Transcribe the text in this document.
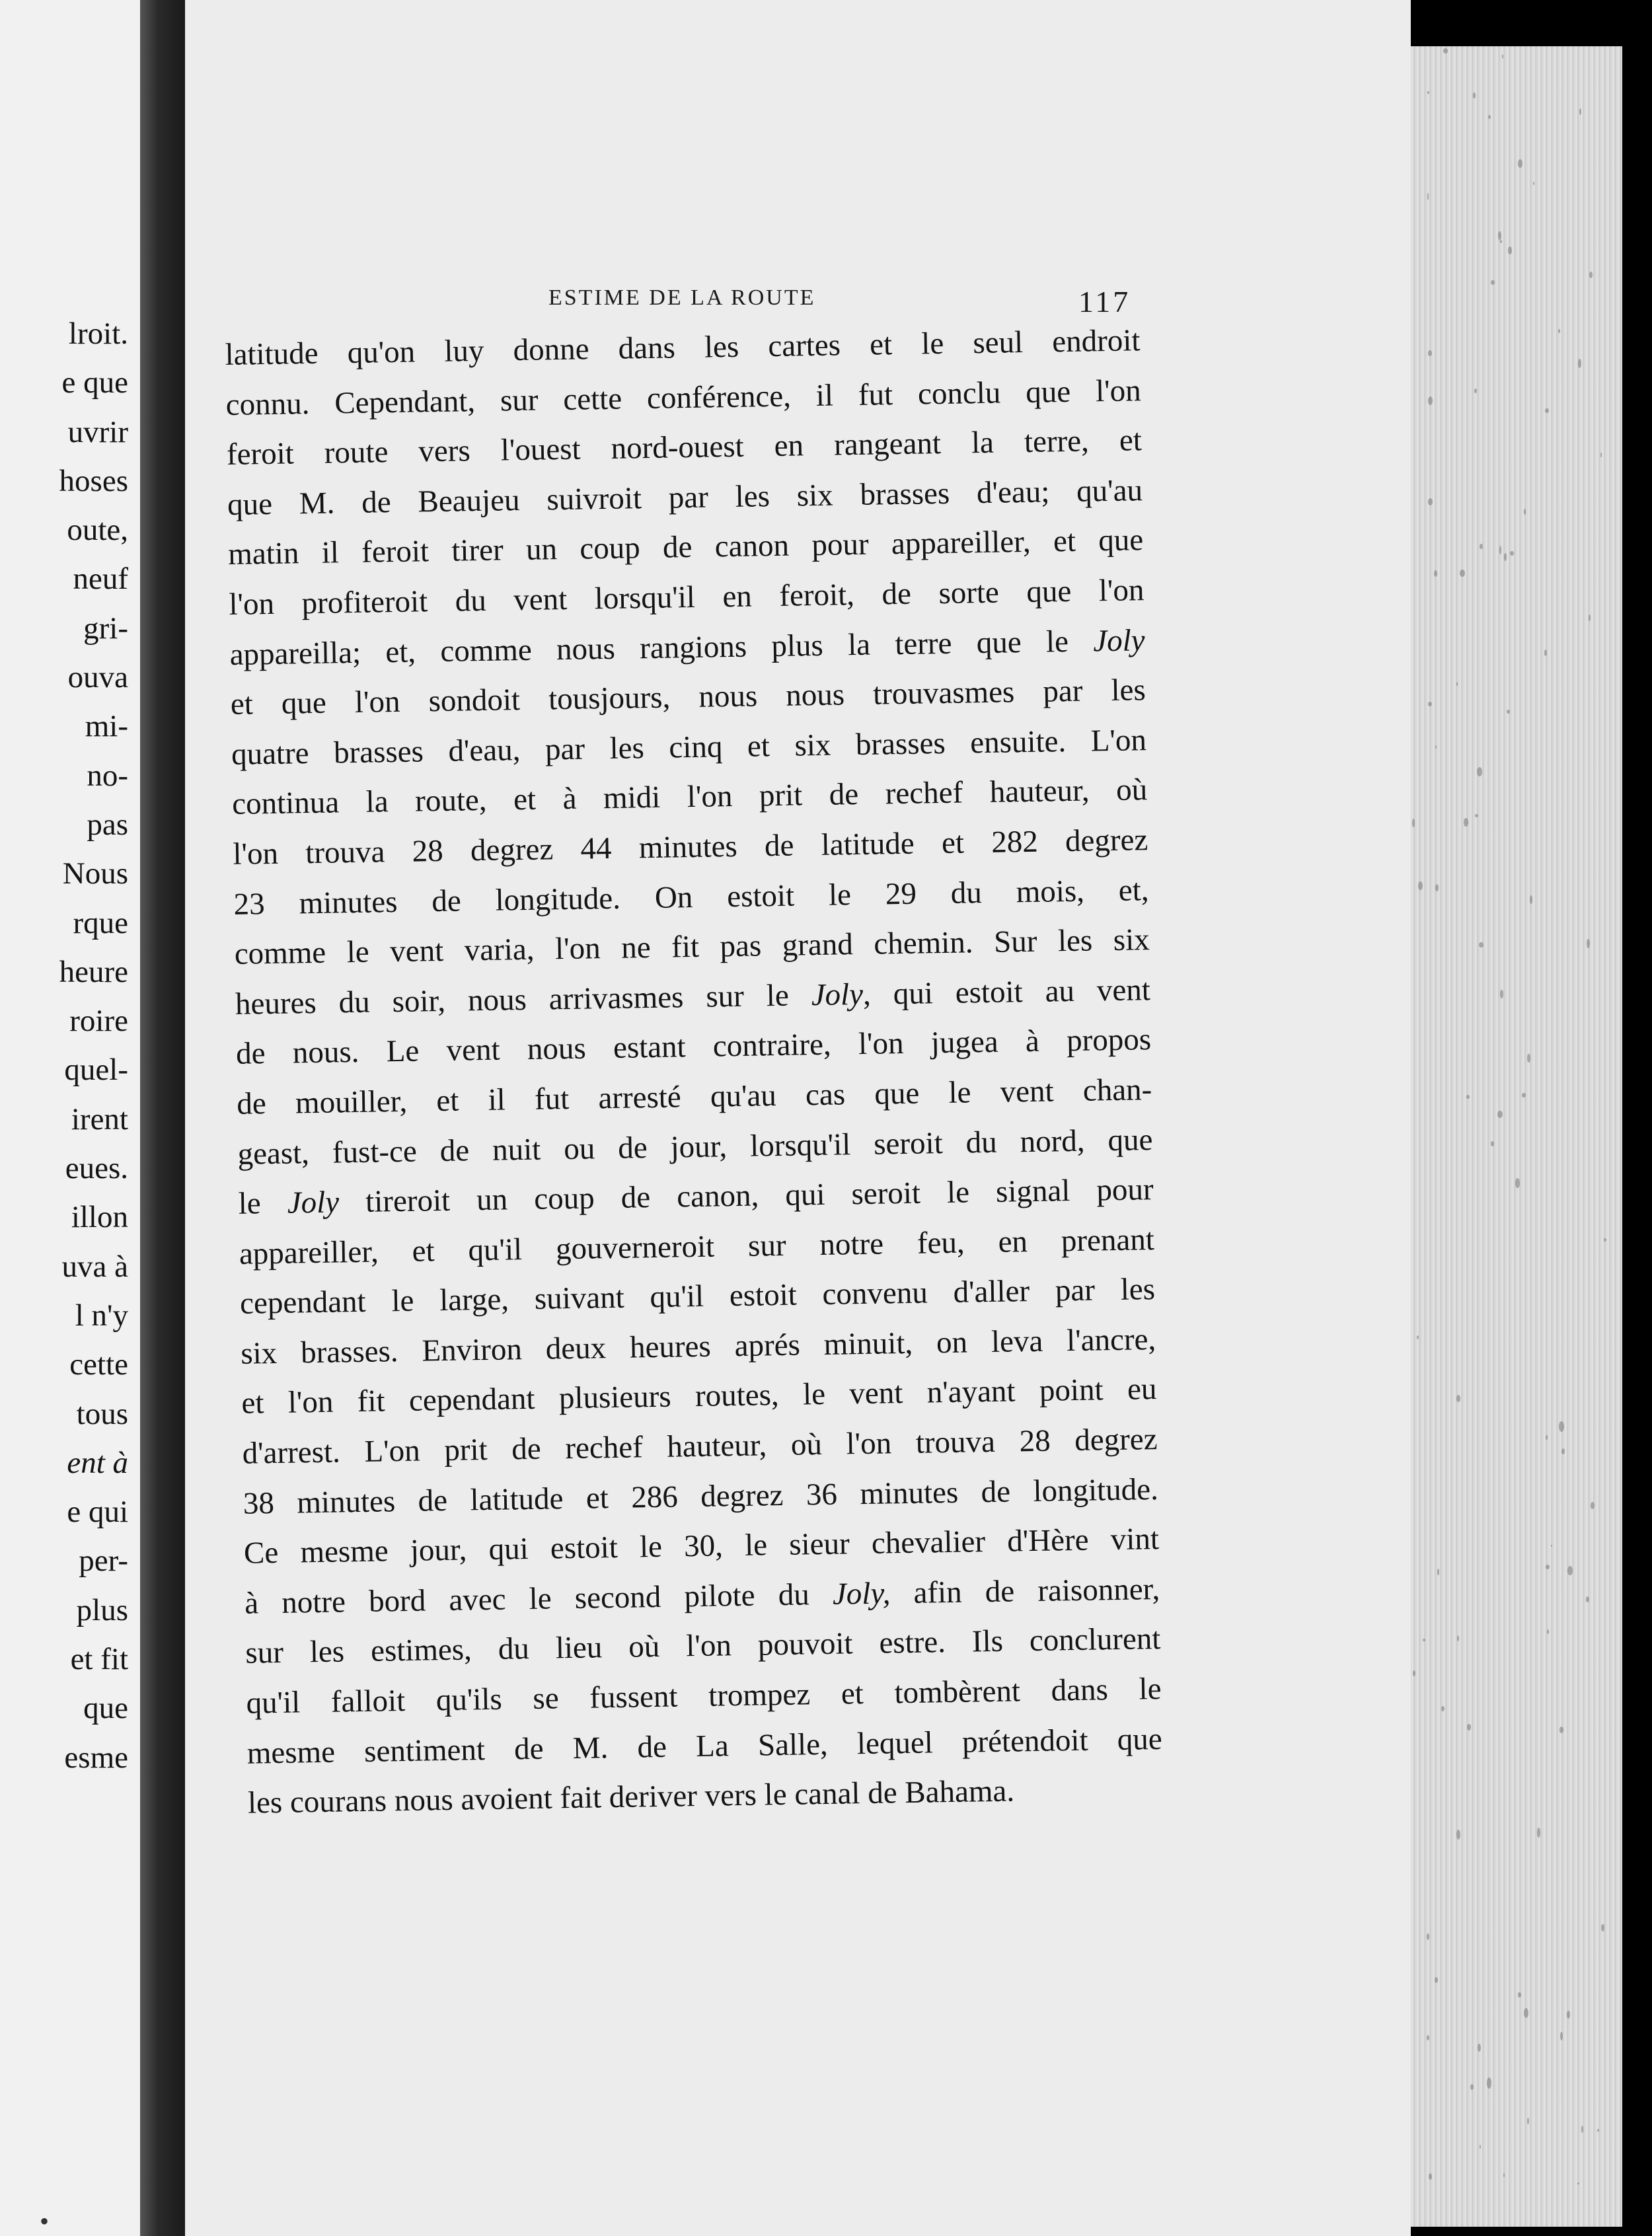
lroit.
e que
uvrir
hoses
oute,
neuf
gri-
ouva
mi-
no-
pas
Nous
rque
heure
roire
quel-
irent
eues.
illon
uva à
l n'y
cette
tous
ent à
e qui
per-
plus
et fit
que
esme
•
ESTIME DE LA ROUTE	117
latitude qu'on luy donne dans les cartes et le seul endroit
connu. Cependant, sur cette conférence, il fut conclu que l'on
feroit route vers l'ouest nord-ouest en rangeant la terre, et
que M. de Beaujeu suivroit par les six brasses d'eau; qu'au
matin il feroit tirer un coup de canon pour appareiller, et que
l'on profiteroit du vent lorsqu'il en feroit, de sorte que l'on
appareilla; et, comme nous rangions plus la terre que le Joly
et que l'on sondoit tousjours, nous nous trouvasmes par les
quatre brasses d'eau, par les cinq et six brasses ensuite. L'on
continua la route, et à midi l'on prit de rechef hauteur, où
l'on trouva 28 degrez 44 minutes de latitude et 282 degrez
23 minutes de longitude. On estoit le 29 du mois, et,
comme le vent varia, l'on ne fit pas grand chemin. Sur les six
heures du soir, nous arrivasmes sur le Joly, qui estoit au vent
de nous. Le vent nous estant contraire, l'on jugea à propos
de mouiller, et il fut arresté qu'au cas que le vent chan-
geast, fust-ce de nuit ou de jour, lorsqu'il seroit du nord, que
le Joly tireroit un coup de canon, qui seroit le signal pour
appareiller, et qu'il gouverneroit sur notre feu, en prenant
cependant le large, suivant qu'il estoit convenu d'aller par les
six brasses. Environ deux heures aprés minuit, on leva l'ancre,
et l'on fit cependant plusieurs routes, le vent n'ayant point eu
d'arrest. L'on prit de rechef hauteur, où l'on trouva 28 degrez
38 minutes de latitude et 286 degrez 36 minutes de longitude.
Ce mesme jour, qui estoit le 30, le sieur chevalier d'Hère vint
à notre bord avec le second pilote du Joly, afin de raisonner,
sur les estimes, du lieu où l'on pouvoit estre. Ils conclurent
qu'il falloit qu'ils se fussent trompez et tombèrent dans le
mesme sentiment de M. de La Salle, lequel prétendoit que
les courans nous avoient fait deriver vers le canal de Bahama.
